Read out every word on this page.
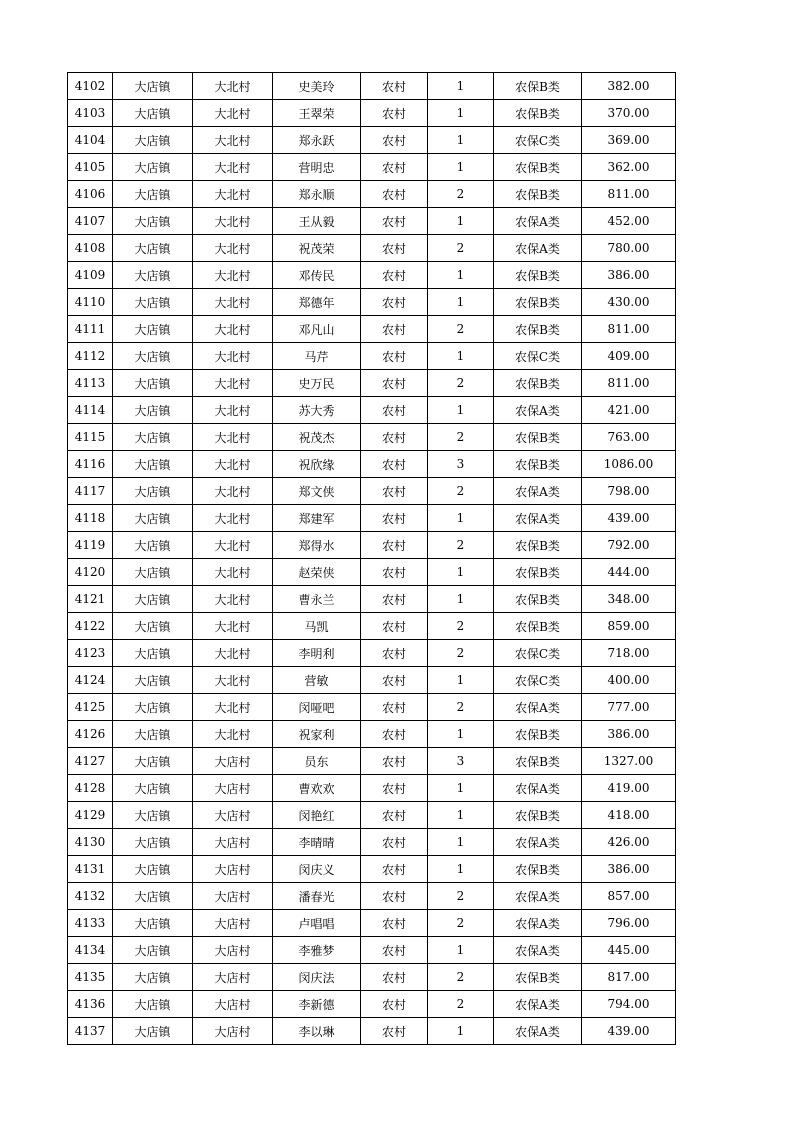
4102	大店镇	大北村	史美玲	农村	1	农保B类	382.00
4103	大店镇	大北村	王翠荣	农村	1	农保B类	370.00
4104	大店镇	大北村	郑永跃	农村	1	农保C类	369.00
4105	大店镇	大北村	营明忠	农村	1	农保B类	362.00
4106	大店镇	大北村	郑永顺	农村	2	农保B类	811.00
4107	大店镇	大北村	王从毅	农村	1	农保A类	452.00
4108	大店镇	大北村	祝茂荣	农村	2	农保A类	780.00
4109	大店镇	大北村	邓传民	农村	1	农保B类	386.00
4110	大店镇	大北村	郑德年	农村	1	农保B类	430.00
4111	大店镇	大北村	邓凡山	农村	2	农保B类	811.00
4112	大店镇	大北村	马芹	农村	1	农保C类	409.00
4113	大店镇	大北村	史万民	农村	2	农保B类	811.00
4114	大店镇	大北村	苏大秀	农村	1	农保A类	421.00
4115	大店镇	大北村	祝茂杰	农村	2	农保B类	763.00
4116	大店镇	大北村	祝欣缘	农村	3	农保B类	1086.00
4117	大店镇	大北村	郑文侠	农村	2	农保A类	798.00
4118	大店镇	大北村	郑建军	农村	1	农保A类	439.00
4119	大店镇	大北村	郑得水	农村	2	农保B类	792.00
4120	大店镇	大北村	赵荣侠	农村	1	农保B类	444.00
4121	大店镇	大北村	曹永兰	农村	1	农保B类	348.00
4122	大店镇	大北村	马凯	农村	2	农保B类	859.00
4123	大店镇	大北村	李明利	农村	2	农保C类	718.00
4124	大店镇	大北村	营敏	农村	1	农保C类	400.00
4125	大店镇	大北村	闵哑吧	农村	2	农保A类	777.00
4126	大店镇	大北村	祝家利	农村	1	农保B类	386.00
4127	大店镇	大店村	员东	农村	3	农保B类	1327.00
4128	大店镇	大店村	曹欢欢	农村	1	农保A类	419.00
4129	大店镇	大店村	闵艳红	农村	1	农保B类	418.00
4130	大店镇	大店村	李晴晴	农村	1	农保A类	426.00
4131	大店镇	大店村	闵庆义	农村	1	农保B类	386.00
4132	大店镇	大店村	潘春光	农村	2	农保A类	857.00
4133	大店镇	大店村	卢唱唱	农村	2	农保A类	796.00
4134	大店镇	大店村	李雅梦	农村	1	农保A类	445.00
4135	大店镇	大店村	闵庆法	农村	2	农保B类	817.00
4136	大店镇	大店村	李新德	农村	2	农保A类	794.00
4137	大店镇	大店村	李以琳	农村	1	农保A类	439.00
